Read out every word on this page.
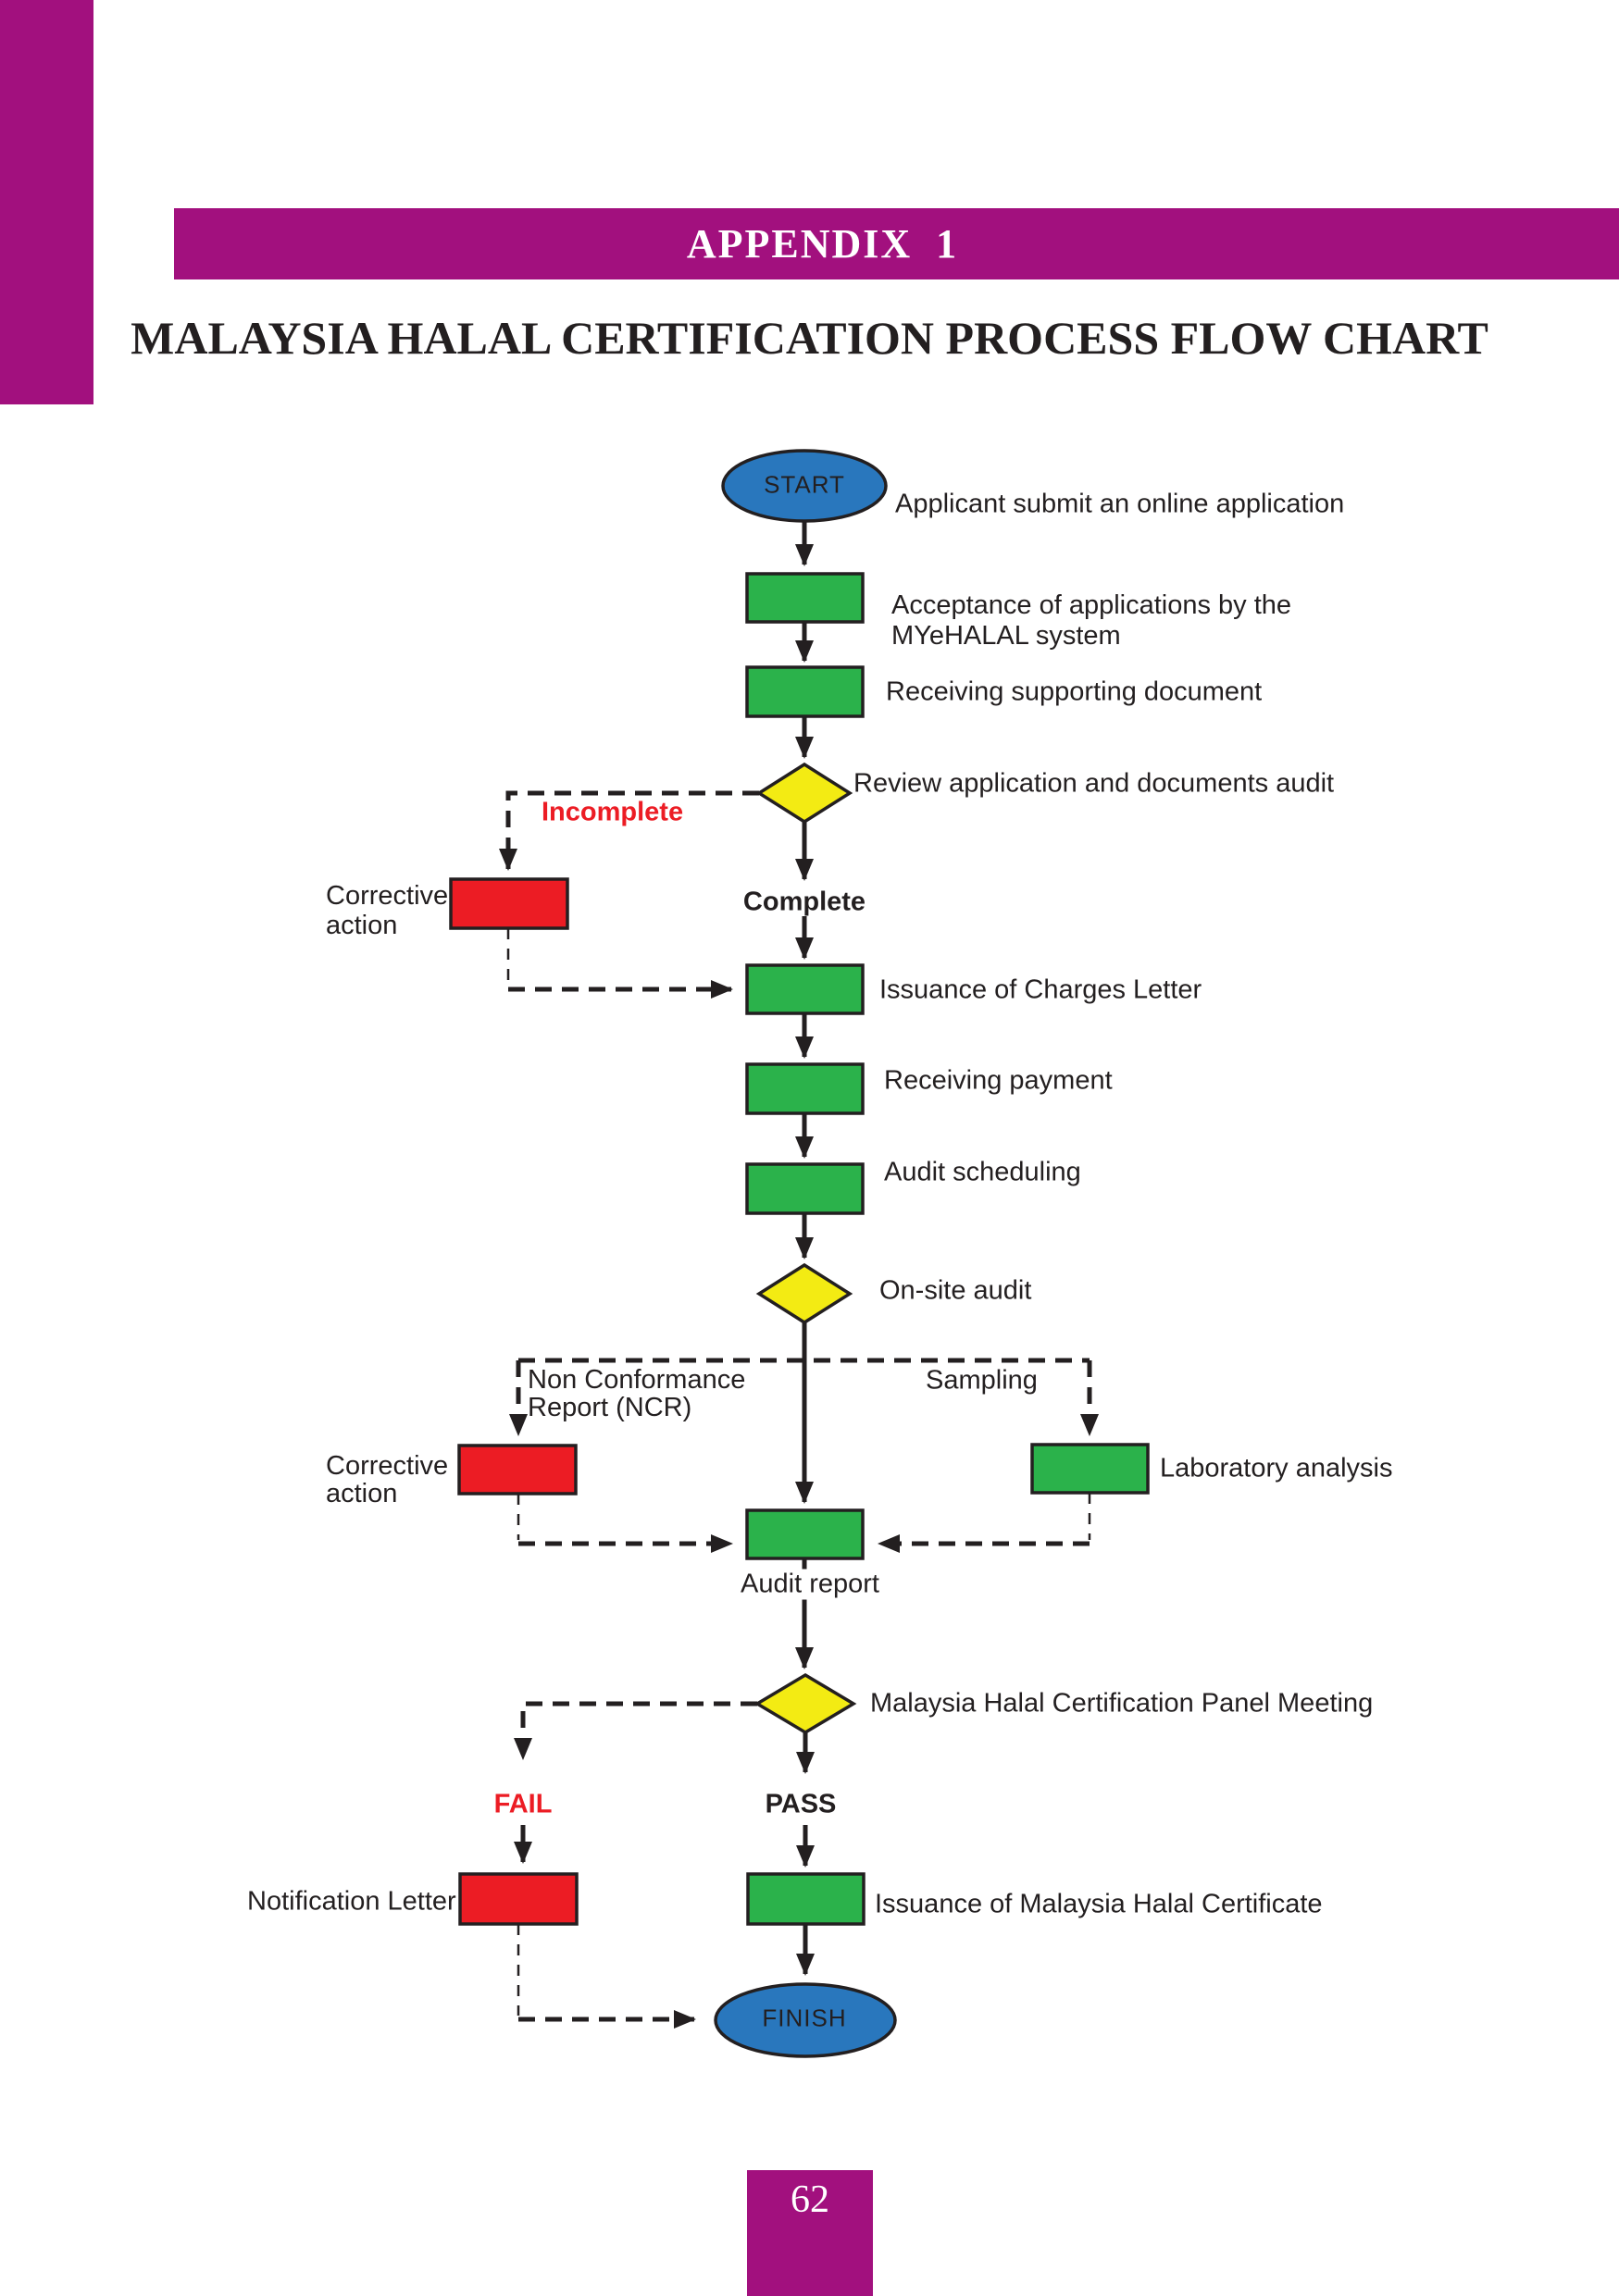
APPENDIX  1
MALAYSIA HALAL CERTIFICATION PROCESS FLOW CHART
START
Applicant submit an online application
Acceptance of applications by the
MYeHALAL system
Receiving supporting document
Review application and documents audit
Incomplete
Corrective
action
Complete
Issuance of Charges Letter
Receiving payment
Audit scheduling
On-site audit
Non Conformance
Report (NCR)
Sampling
Corrective
action
Laboratory analysis
Audit report
Malaysia Halal Certification Panel Meeting
FAIL	PASS
Notification Letter	Issuance of Malaysia Halal Certificate
FINISH
62
